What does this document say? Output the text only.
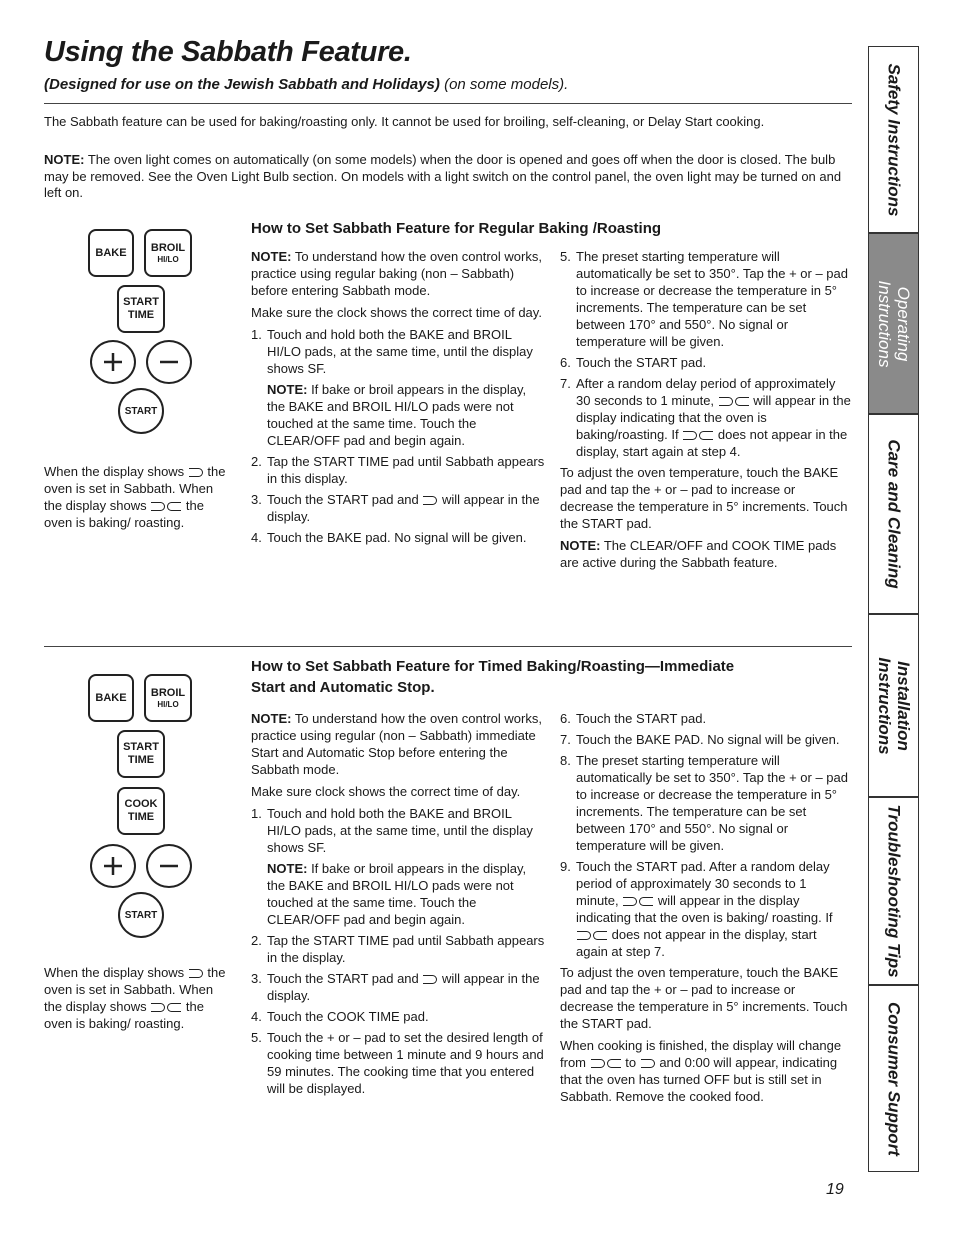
Using the Sabbath Feature.
(Designed for use on the Jewish Sabbath and Holidays) (on some models).
The Sabbath feature can be used for baking/roasting only. It cannot be used for broiling, self-cleaning, or Delay Start cooking.
NOTE: The oven light comes on automatically (on some models) when the door is opened and goes off when the door is closed. The bulb may be removed. See the Oven Light Bulb section. On models with a light switch on the control panel, the oven light may be turned on and left on.
How to Set Sabbath Feature for Regular Baking /Roasting
BAKE BROIL
HI/LO
START
TIME
START
When the display shows  the oven is set in Sabbath. When the display shows	the oven is baking/ roasting.

NOTE: To understand how the oven control works, practice using regular baking (non – Sabbath) before entering Sabbath mode.

Make sure the clock shows the correct time of day.

1. Touch and hold both the BAKE and BROIL HI/LO pads, at the same time, until the display shows SF.
NOTE: If bake or broil appears in the display, the BAKE and BROIL HI/LO pads were not touched at the same time. Touch the CLEAR/OFF pad and begin again.
2. Tap the START TIME pad until Sabbath appears in this display.
3. Touch the START pad and  will appear in the display.
4. Touch the BAKE pad. No signal will be given.
5. The preset starting temperature will automatically be set to 350°. Tap the + or – pad to increase or decrease the temperature in 5° increments. The temperature can be set between 170° and 550°. No signal or temperature will be given.
6. Touch the START pad.
7. After a random delay period of approximately 30 seconds to 1 minute,	will appear in the display indicating that the oven is baking/roasting. If	does not appear in the display, start again at step 4.

To adjust the oven temperature, touch the BAKE pad and tap the + or – pad to increase or decrease the temperature in 5° increments. Touch the START pad.

NOTE: The CLEAR/OFF and COOK TIME pads are active during the Sabbath feature.

How to Set Sabbath Feature for Timed Baking/Roasting—Immediate
Start and Automatic Stop.
BAKE BROIL
HI/LO
START
TIME
COOK
TIME
START
When the display shows  the oven is set in Sabbath. When the display shows	the oven is baking/ roasting.

NOTE: To understand how the oven control works, practice using regular (non – Sabbath) immediate Start and Automatic Stop before entering the Sabbath mode.

Make sure clock shows the correct time of day.

1. Touch and hold both the BAKE and BROIL HI/LO pads, at the same time, until the display shows SF.
NOTE: If bake or broil appears in the display, the BAKE and BROIL HI/LO pads were not touched at the same time. Touch the CLEAR/OFF pad and begin again.
2. Tap the START TIME pad until Sabbath appears in the display.
3. Touch the START pad and  will appear in the display.
4. Touch the COOK TIME pad.
5. Touch the + or – pad to set the desired length of cooking time between 1 minute and 9 hours and 59 minutes. The cooking time that you entered will be displayed.
6. Touch the START pad.
7. Touch the BAKE PAD. No signal will be given.
8. The preset starting temperature will automatically be set to 350°. Tap the + or – pad to increase or decrease the temperature in 5° increments. The temperature can be set between 170° and 550°. No signal or temperature will be given.
9. Touch the START pad. After a random delay period of approximately 30 seconds to 1 minute,	will appear in the display indicating that the oven is baking/ roasting. If  does not appear in the display, start again at step 7.

To adjust the oven temperature, touch the BAKE pad and tap the + or – pad to increase or decrease the temperature in 5° increments. Touch the START pad.

When cooking is finished, the display will change from	to  and 0:00 will appear, indicating that the oven has turned OFF but is still set in Sabbath. Remove the cooked food.

Safety Instructions
Operating
Instructions
Care and Cleaning
Installation
Instructions
Troubleshooting Tips
Consumer Support
19
